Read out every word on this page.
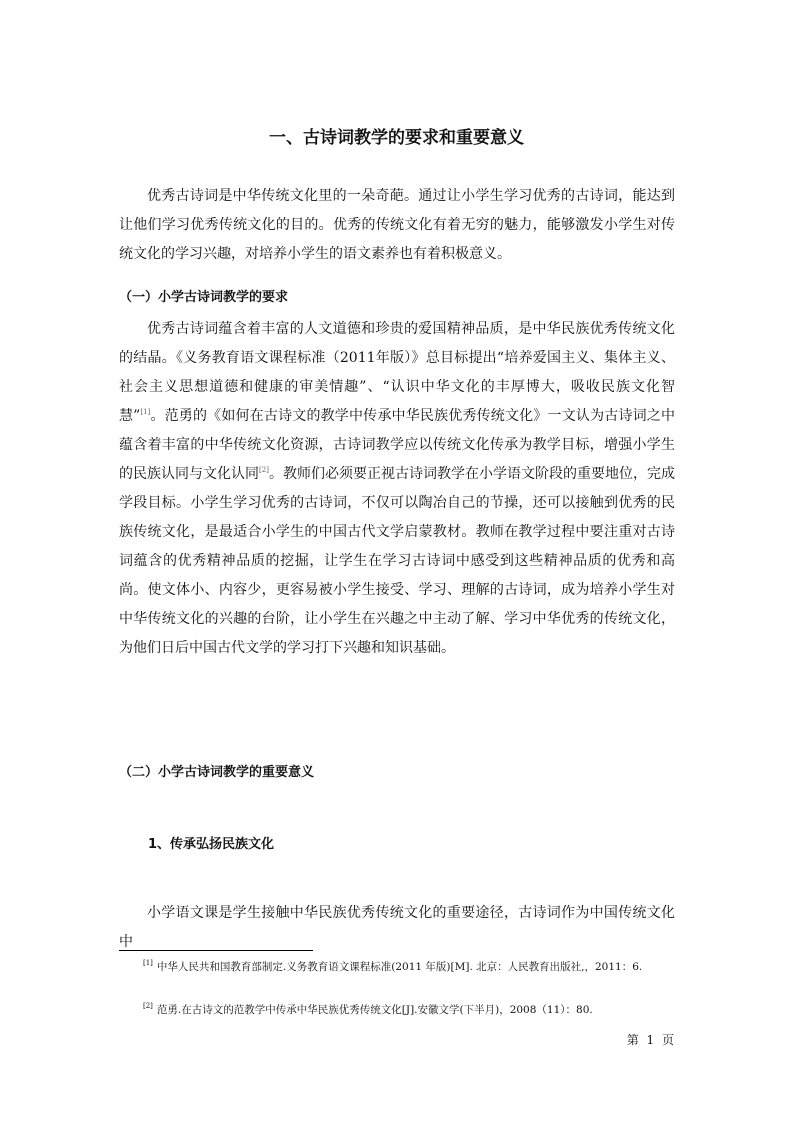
一、古诗词教学的要求和重要意义

优秀古诗词是中华传统文化里的一朵奇葩。通过让小学生学习优秀的古诗词，能达到让他们学习优秀传统文化的目的。优秀的传统文化有着无穷的魅力，能够激发小学生对传统文化的学习兴趣，对培养小学生的语文素养也有着积极意义。

（一）小学古诗词教学的要求

优秀古诗词蕴含着丰富的人文道德和珍贵的爱国精神品质，是中华民族优秀传统文化的结晶。《义务教育语文课程标准（2011年版）》总目标提出“培养爱国主义、集体主义、社会主义思想道德和健康的审美情趣”、“认识中华文化的丰厚博大，吸收民族文化智慧”[1]。范勇的《如何在古诗文的教学中传承中华民族优秀传统文化》一文认为古诗词之中蕴含着丰富的中华传统文化资源，古诗词教学应以传统文化传承为教学目标，增强小学生的民族认同与文化认同[2]。教师们必须要正视古诗词教学在小学语文阶段的重要地位，完成学段目标。小学生学习优秀的古诗词，不仅可以陶冶自己的节操，还可以接触到优秀的民族传统文化，是最适合小学生的中国古代文学启蒙教材。教师在教学过程中要注重对古诗词蕴含的优秀精神品质的挖掘，让学生在学习古诗词中感受到这些精神品质的优秀和高尚。使文体小、内容少，更容易被小学生接受、学习、理解的古诗词，成为培养小学生对中华传统文化的兴趣的台阶，让小学生在兴趣之中主动了解、学习中华优秀的传统文化，为他们日后中国古代文学的学习打下兴趣和知识基础。

（二）小学古诗词教学的重要意义
1、传承弘扬民族文化

小学语文课是学生接触中华民族优秀传统文化的重要途径，古诗词作为中国传统文化中

[1] 中华人民共和国教育部制定.义务教育语文课程标准(2011 年版)[M]. 北京：人民教育出版社,，2011：6.

[2] 范勇.在古诗文的范教学中传承中华民族优秀传统文化[J].安徽文学(下半月)，2008（11）：80.

第 1 页
